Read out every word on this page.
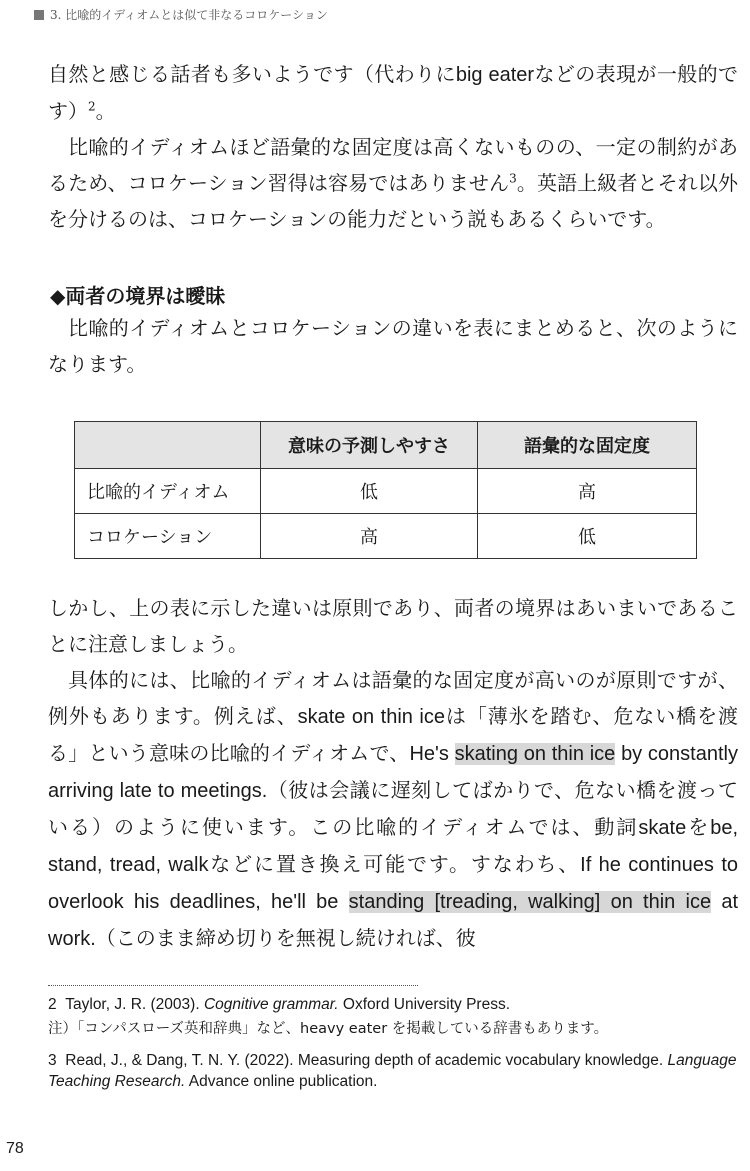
3. 比喩的イディオムとは似て非なるコロケーション

自然と感じる話者も多いようです（代わりにbig eaterなどの表現が一般的です）$^2$。

比喩的イディオムほど語彙的な固定度は高くないものの、一定の制約があるため、コロケーション習得は容易ではありません$^3$。英語上級者とそれ以外を分けるのは、コロケーションの能力だという説もあるくらいです。

◆両者の境界は曖昧

比喩的イディオムとコロケーションの違いを表にまとめると、次のようになります。

	意味の予測しやすさ	語彙的な固定度
比喩的イディオム	低	高
コロケーション	高	低

しかし、上の表に示した違いは原則であり、両者の境界はあいまいであることに注意しましょう。

具体的には、比喩的イディオムは語彙的な固定度が高いのが原則ですが、例外もあります。例えば、skate on thin iceは「薄氷を踏む、危ない橋を渡る」という意味の比喩的イディオムで、He's skating on thin ice by constantly arriving late to meetings.（彼は会議に遅刻してばかりで、危ない橋を渡っている）のように使います。この比喩的イディオムでは、動詞skateをbe, stand, tread, walkなどに置き換え可能です。すなわち、If he continues to overlook his deadlines, he'll be standing [treading, walking] on thin ice at work.（このまま締め切りを無視し続ければ、彼

2 Taylor, J. R. (2003). Cognitive grammar. Oxford University Press.
注）「コンパスローズ英和辞典」など、heavy eater を掲載している辞書もあります。
3 Read, J., & Dang, T. N. Y. (2022). Measuring depth of academic vocabulary knowledge. Language Teaching Research. Advance online publication.
78
